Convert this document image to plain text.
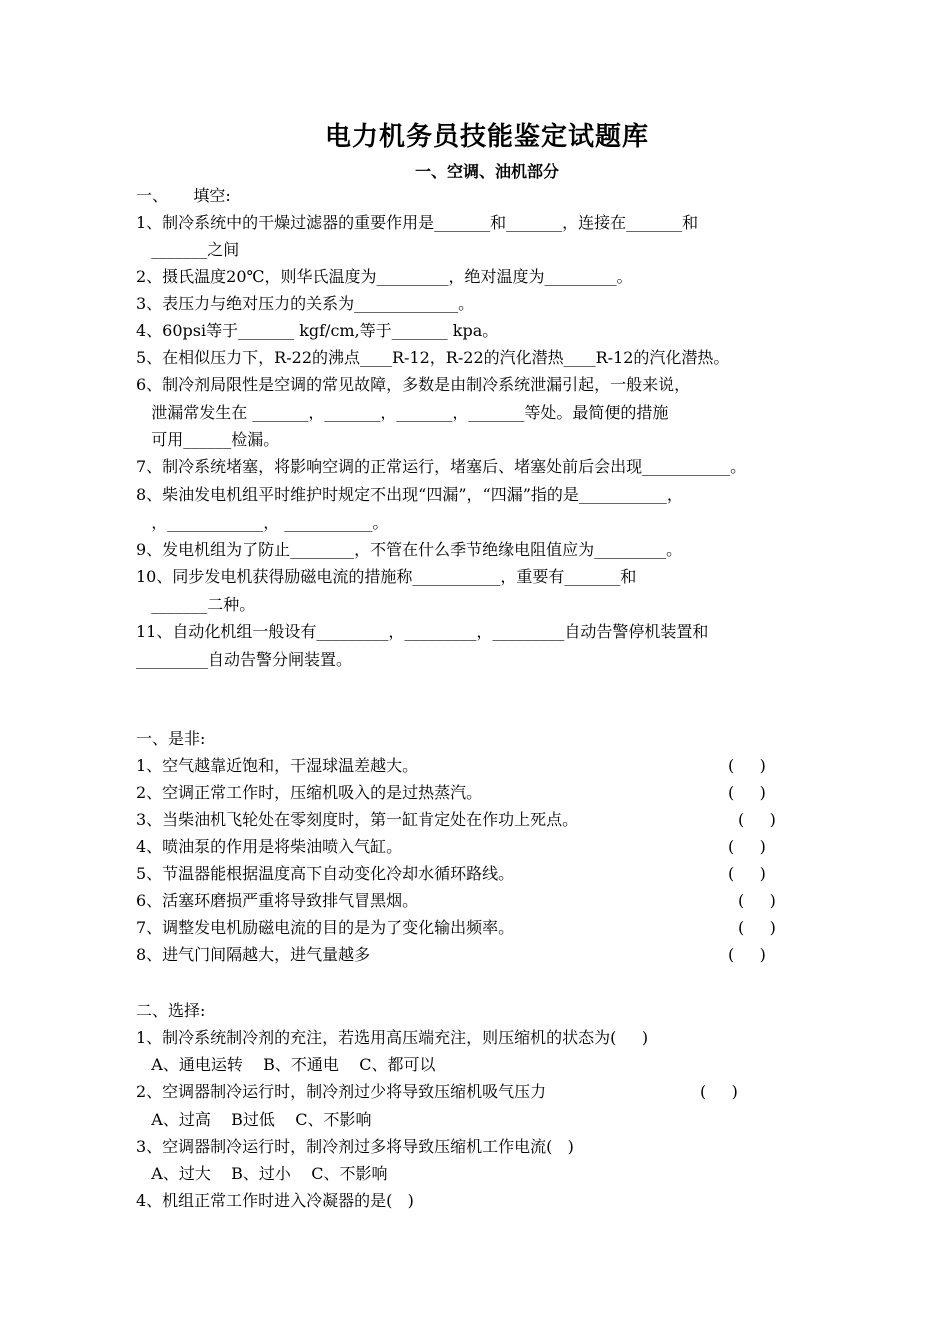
电力机务员技能鉴定试题库
一、空调、油机部分
一、     填空:
1、制冷系统中的干燥过滤器的重要作用是_______和_______，连接在_______和
_______之间
2、摄氏温度20℃，则华氏温度为_________，绝对温度为_________。
3、表压力与绝对压力的关系为_____________。
4、60psi等于_______ kgf/cm,等于_______ kpa。
5、在相似压力下，R-22的沸点____R-12，R-22的汽化潜热____R-12的汽化潜热。
6、制冷剂局限性是空调的常见故障，多数是由制冷系统泄漏引起，一般来说，
泄漏常发生在 _______，_______，_______，_______等处。最简便的措施
可用______检漏。
7、制冷系统堵塞，将影响空调的正常运行，堵塞后、堵塞处前后会出现___________。
8、柴油发电机组平时维护时规定不出现“四漏”，“四漏”指的是___________，
，____________， ___________。
9、发电机组为了防止________，不管在什么季节绝缘电阻值应为_________。
10、同步发电机获得励磁电流的措施称___________，重要有_______和
_______二种。
11、自动化机组一般设有_________，_________，_________自动告警停机装置和
_________自动告警分闸装置。
一、是非:
1、空气越靠近饱和，干湿球温差越大。	(     )
2、空调正常工作时，压缩机吸入的是过热蒸汽。	(     )
3、当柴油机飞轮处在零刻度时，第一缸肯定处在作功上死点。	(     )
4、喷油泵的作用是将柴油喷入气缸。	(     )
5、节温器能根据温度高下自动变化冷却水循环路线。	(     )
6、活塞环磨损严重将导致排气冒黑烟。	(     )
7、调整发电机励磁电流的目的是为了变化输出频率。	(     )
8、进气门间隔越大，进气量越多	(     )
二、选择:
1、制冷系统制冷剂的充注，若选用高压端充注，则压缩机的状态为(     )
A、通电运转    B、不通电    C、都可以
2、空调器制冷运行时，制冷剂过少将导致压缩机吸气压力	(     )
A、过高    B过低    C、不影响
3、空调器制冷运行时，制冷剂过多将导致压缩机工作电流(   )
A、过大    B、过小    C、不影响
4、机组正常工作时进入冷凝器的是(   )
